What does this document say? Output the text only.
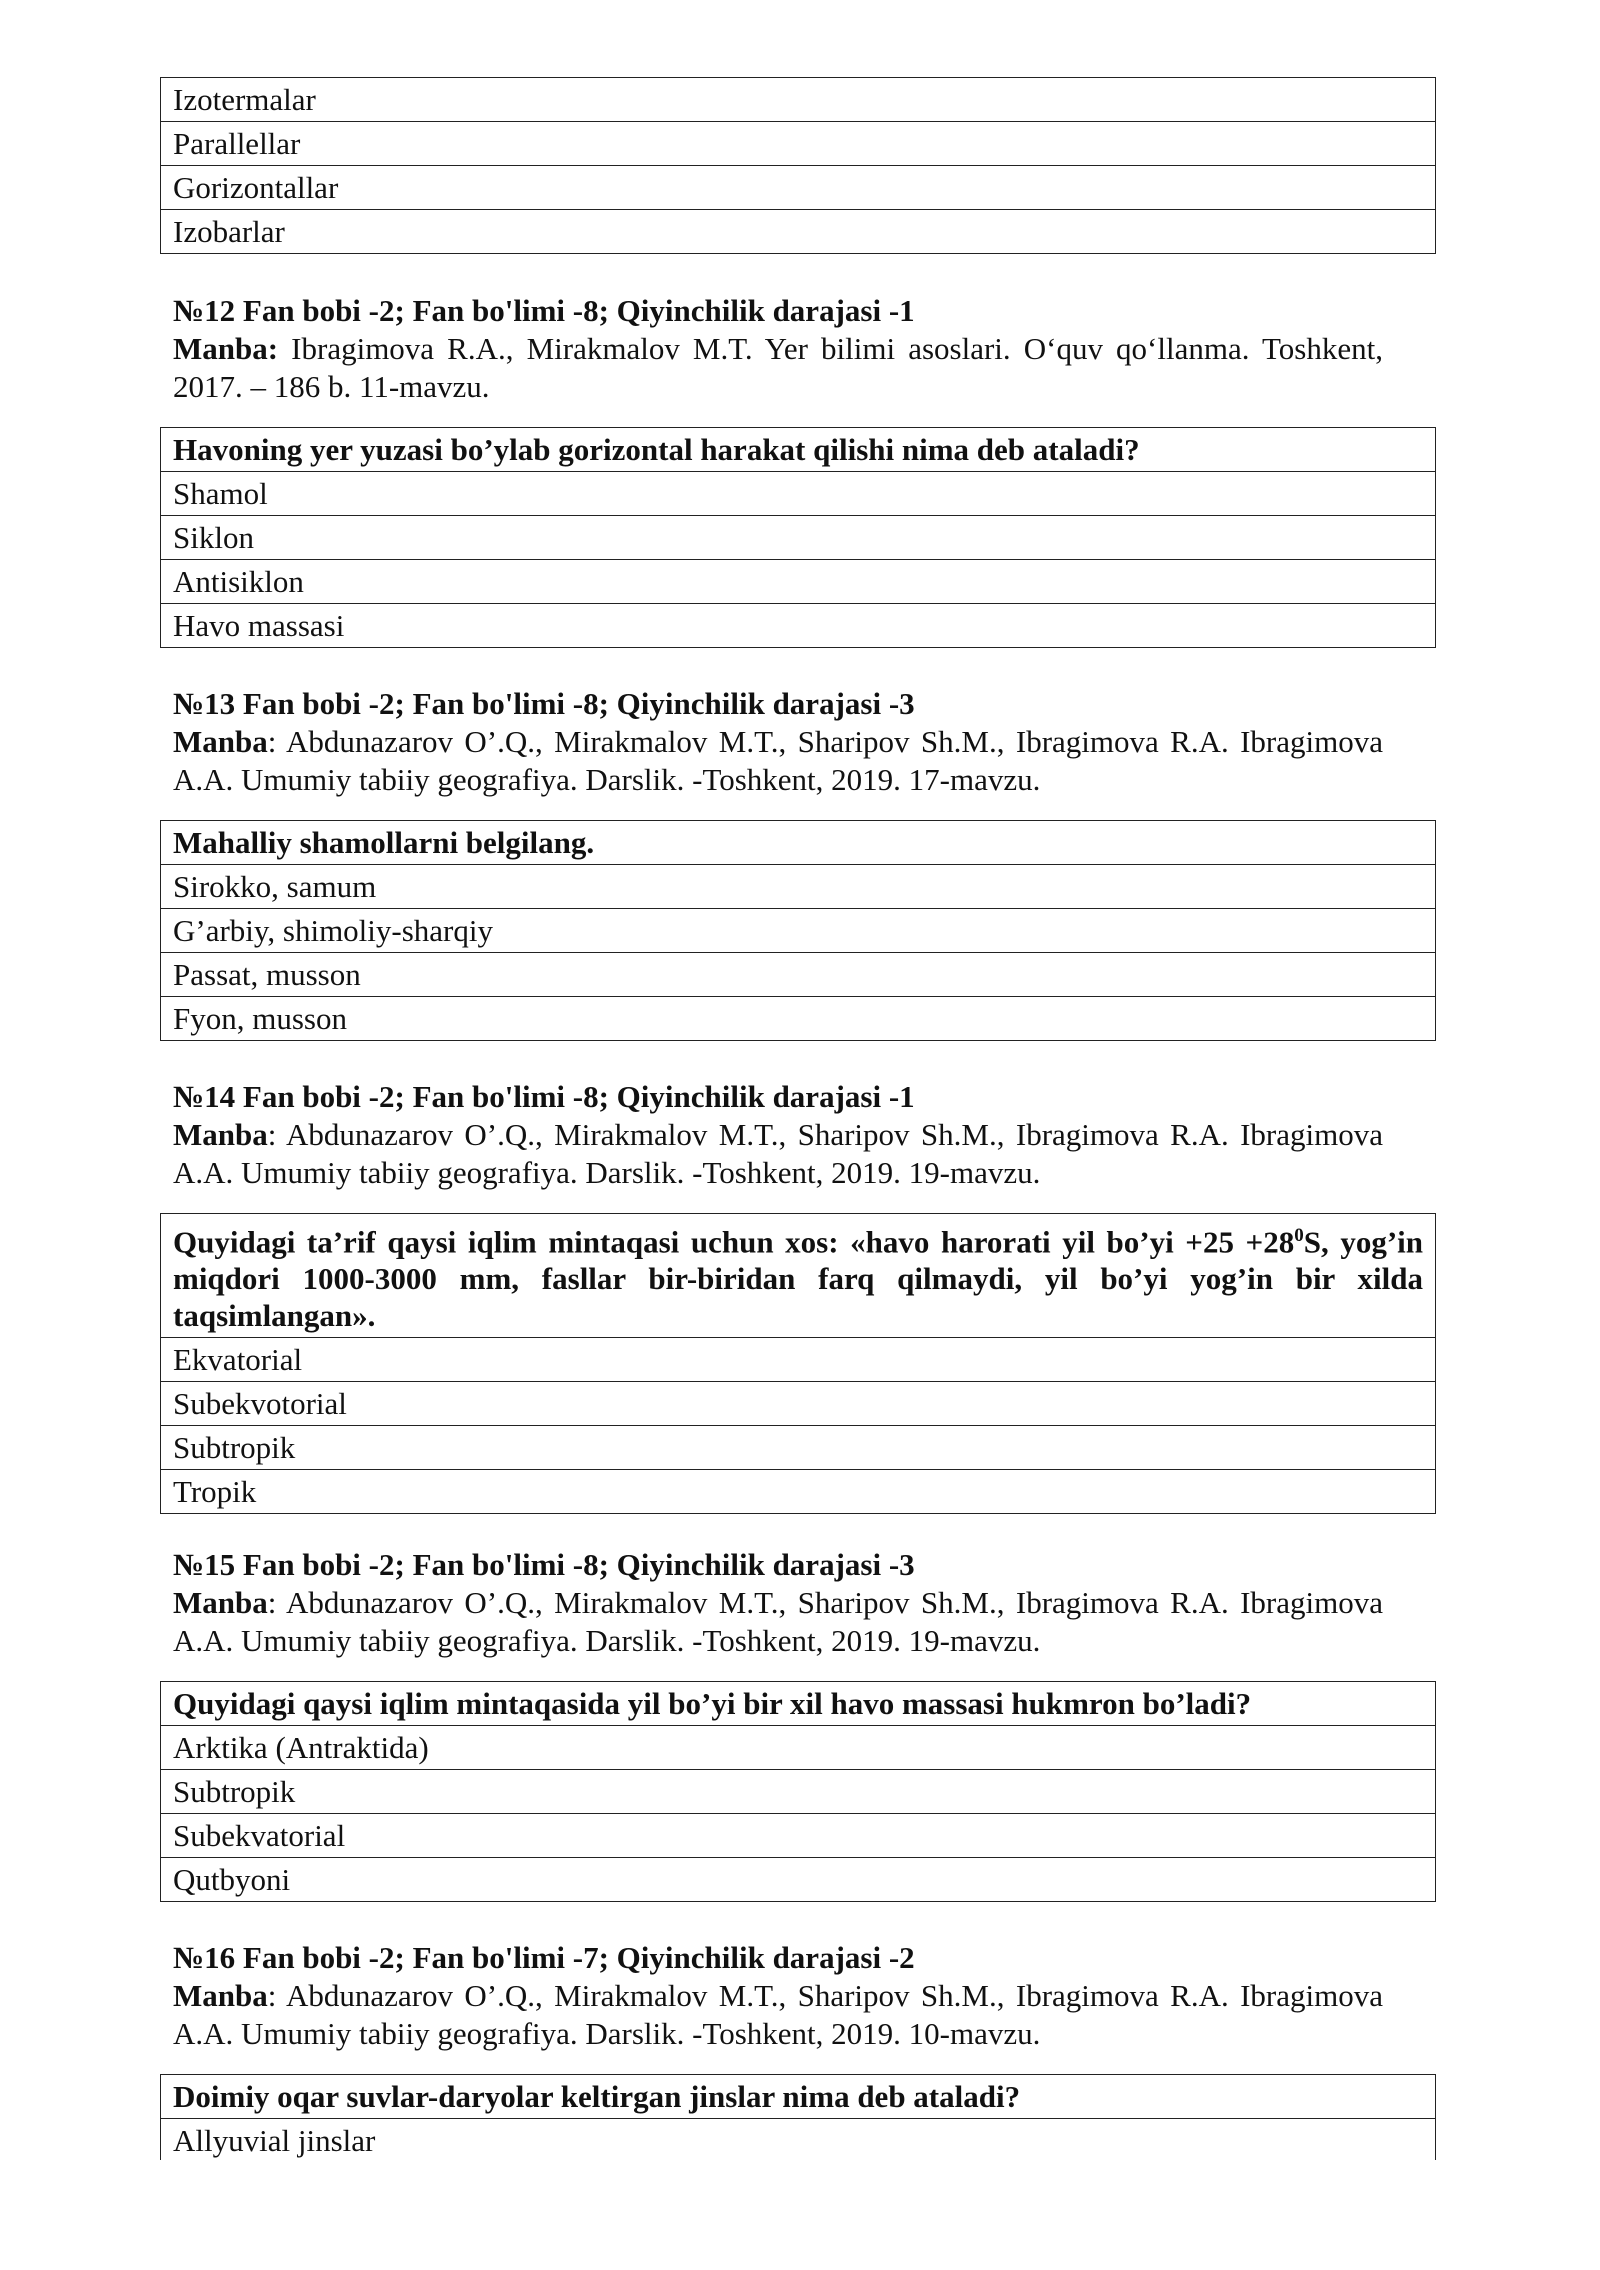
Izotermalar
Parallellar
Gorizontallar
Izobarlar
№12 Fan bobi -2; Fan bo'limi -8; Qiyinchilik darajasi -1
Manba: Ibragimova R.A., Mirakmalov M.T. Yer bilimi asoslari. O‘quv qo‘llanma. Toshkent, 2017. – 186 b. 11-mavzu.
Havoning yer yuzasi bo’ylab gorizontal harakat qilishi nima deb ataladi?
Shamol
Siklon
Antisiklon
Havo massasi
№13 Fan bobi -2; Fan bo'limi -8; Qiyinchilik darajasi -3
Manba: Abdunazarov O’.Q., Mirakmalov M.T., Sharipov Sh.M., Ibragimova R.A. Ibragimova A.A. Umumiy tabiiy geografiya. Darslik. -Toshkent, 2019. 17-mavzu.
Mahalliy shamollarni belgilang.
Sirokko, samum
G’arbiy, shimoliy-sharqiy
Passat, musson
Fyon, musson
№14 Fan bobi -2; Fan bo'limi -8; Qiyinchilik darajasi -1
Manba: Abdunazarov O’.Q., Mirakmalov M.T., Sharipov Sh.M., Ibragimova R.A. Ibragimova A.A. Umumiy tabiiy geografiya. Darslik. -Toshkent, 2019. 19-mavzu.
Quyidagi ta’rif qaysi iqlim mintaqasi uchun xos: «havo harorati yil bo’yi $+25 +28^0S$, yog’in miqdori 1000-3000 mm, fasllar bir-biridan farq qilmaydi, yil bo’yi yog’in bir xilda taqsimlangan».
Ekvatorial
Subekvotorial
Subtropik
Tropik
№15 Fan bobi -2; Fan bo'limi -8; Qiyinchilik darajasi -3
Manba: Abdunazarov O’.Q., Mirakmalov M.T., Sharipov Sh.M., Ibragimova R.A. Ibragimova A.A. Umumiy tabiiy geografiya. Darslik. -Toshkent, 2019. 19-mavzu.
Quyidagi qaysi iqlim mintaqasida yil bo’yi bir xil havo massasi hukmron bo’ladi?
Arktika (Antraktida)
Subtropik
Subekvatorial
Qutbyoni
№16 Fan bobi -2; Fan bo'limi -7; Qiyinchilik darajasi -2
Manba: Abdunazarov O’.Q., Mirakmalov M.T., Sharipov Sh.M., Ibragimova R.A. Ibragimova A.A. Umumiy tabiiy geografiya. Darslik. -Toshkent, 2019. 10-mavzu.
Doimiy oqar suvlar-daryolar keltirgan jinslar nima deb ataladi?
Allyuvial jinslar
